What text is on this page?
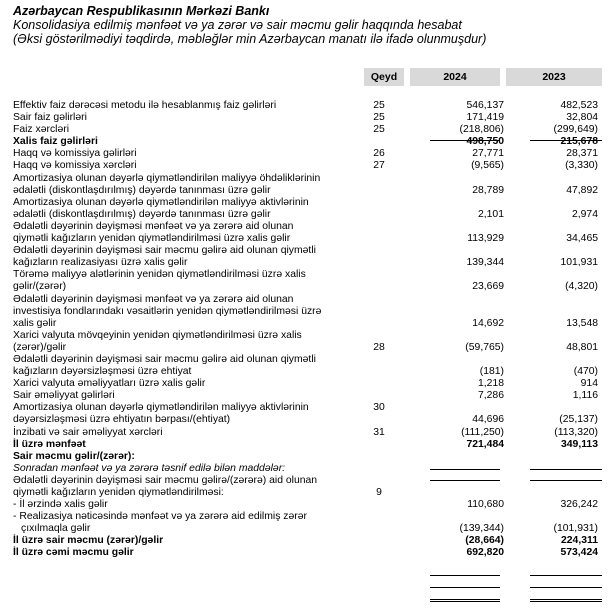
Azərbaycan Respublikasının Mərkəzi Bankı
Konsolidasiya edilmiş mənfəət və ya zərər və sair məcmu gəlir haqqında hesabat
(Əksi göstərilmədiyi təqdirdə, məbləğlər min Azərbaycan manatı ilə ifadə olunmuşdur)
Qeyd	2024	2023
Effektiv faiz dərəcəsi metodu ilə hesablanmış faiz gəlirləri	25	546,137	482,523
Sair faiz gəlirləri	25	171,419	32,804
Faiz xərcləri	25	(218,806)	(299,649)
Xalis faiz gəlirləri	498,750	215,678
Haqq və komissiya gəlirləri	26	27,771	28,371
Haqq və komissiya xərcləri	27	(9,565)	(3,330)
Amortizasiya olunan dəyərlə qiymətləndirilən maliyyə öhdəliklərinin
ədalətli (diskontlaşdırılmış) dəyərdə tanınması üzrə gəlir	28,789	47,892
Amortizasiya olunan dəyərlə qiymətləndirilən maliyyə aktivlərinin
ədalətli (diskontlaşdırılmış) dəyərdə tanınması üzrə gəlir	2,101	2,974
Ədalətli dəyərinin dəyişməsi mənfəət və ya zərərə aid olunan
qiymətli kağızların yenidən qiymətləndirilməsi üzrə xalis gəlir	113,929	34,465
Ədalətli dəyərinin dəyişməsi sair məcmu gəlirə aid olunan qiymətli
kağızların realizasiyası üzrə xalis gəlir	139,344	101,931
Törəmə maliyyə alətlərinin yenidən qiymətləndirilməsi üzrə xalis
gəlir/(zərər)	23,669	(4,320)
Ədalətli dəyərinin dəyişməsi mənfəət və ya zərərə aid olunan
investisiya fondlarındakı vəsaitlərin yenidən qiymətləndirilməsi üzrə
xalis gəlir	14,692	13,548
Xarici valyuta mövqeyinin yenidən qiymətləndirilməsi üzrə xalis
(zərər)/gəlir	28	(59,765)	48,801
Ədalətli dəyərinin dəyişməsi sair məcmu gəlirə aid olunan qiymətli
kağızların dəyərsizləşməsi üzrə ehtiyat	(181)	(470)
Xarici valyuta əməliyyatları üzrə xalis gəlir	1,218	914
Sair əməliyyat gəlirləri	7,286	1,116
Amortizasiya olunan dəyərlə qiymətləndirilən maliyyə aktivlərinin	30
dəyərsizləşməsi üzrə ehtiyatın bərpası/(ehtiyat)	44,696	(25,137)
İnzibati və sair əməliyyat xərcləri	31	(111,250)	(113,320)
İl üzrə mənfəət	721,484	349,113
Sair məcmu gəlir/(zərər):
Sonradan mənfəət və ya zərərə təsnif edilə bilən maddələr:
Ədalətli dəyərinin dəyişməsi sair məcmu gəlirə/(zərərə) aid olunan
qiymətli kağızların yenidən qiymətləndirilməsi:	9
- İl ərzində xalis gəlir	110,680	326,242
- Realizasiya nəticəsində mənfəət və ya zərərə aid edilmiş zərər
çıxılmaqla gəlir	(139,344)	(101,931)
İl üzrə sair məcmu (zərər)/gəlir	(28,664)	224,311
İl üzrə cəmi məcmu gəlir	692,820	573,424
